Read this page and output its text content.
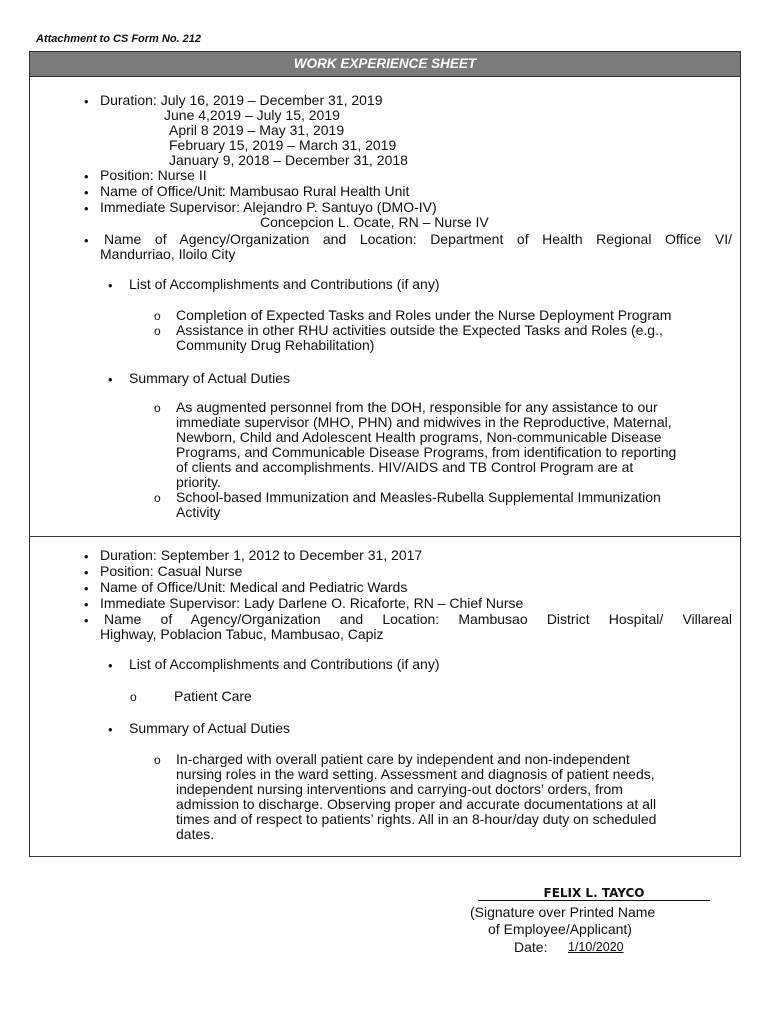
Attachment to CS Form No. 212
WORK EXPERIENCE SHEET
• Duration: July 16, 2019 – December 31, 2019
June 4,2019 – July 15, 2019
April 8 2019 – May 31, 2019
February 15, 2019 – March 31, 2019
January 9, 2018 – December 31, 2018
• Position: Nurse II
• Name of Office/Unit: Mambusao Rural Health Unit
• Immediate Supervisor: Alejandro P. Santuyo (DMO-IV)
Concepcion L. Ocate, RN – Nurse IV
• Name of Agency/Organization and Location: Department of Health Regional Office VI/
Mandurriao, Iloilo City
• List of Accomplishments and Contributions (if any)
o Completion of Expected Tasks and Roles under the Nurse Deployment Program
o Assistance in other RHU activities outside the Expected Tasks and Roles (e.g.,
Community Drug Rehabilitation)
• Summary of Actual Duties
o As augmented personnel from the DOH, responsible for any assistance to our
immediate supervisor (MHO, PHN) and midwives in the Reproductive, Maternal,
Newborn, Child and Adolescent Health programs, Non-communicable Disease
Programs, and Communicable Disease Programs, from identification to reporting
of clients and accomplishments. HIV/AIDS and TB Control Program are at
priority.
o School-based Immunization and Measles-Rubella Supplemental Immunization
Activity
• Duration: September 1, 2012 to December 31, 2017
• Position: Casual Nurse
• Name of Office/Unit: Medical and Pediatric Wards
• Immediate Supervisor: Lady Darlene O. Ricaforte, RN – Chief Nurse
• Name of Agency/Organization and Location: Mambusao District Hospital/ Villareal
Highway, Poblacion Tabuc, Mambusao, Capiz
• List of Accomplishments and Contributions (if any)
o	Patient Care
• Summary of Actual Duties
o In-charged with overall patient care by independent and non-independent
nursing roles in the ward setting. Assessment and diagnosis of patient needs,
independent nursing interventions and carrying-out doctors’ orders, from
admission to discharge. Observing proper and accurate documentations at all
times and of respect to patients’ rights. All in an 8-hour/day duty on scheduled
dates.
FELIX L. TAYCO
(Signature over Printed Name
of Employee/Applicant)
Date: 1/10/2020
